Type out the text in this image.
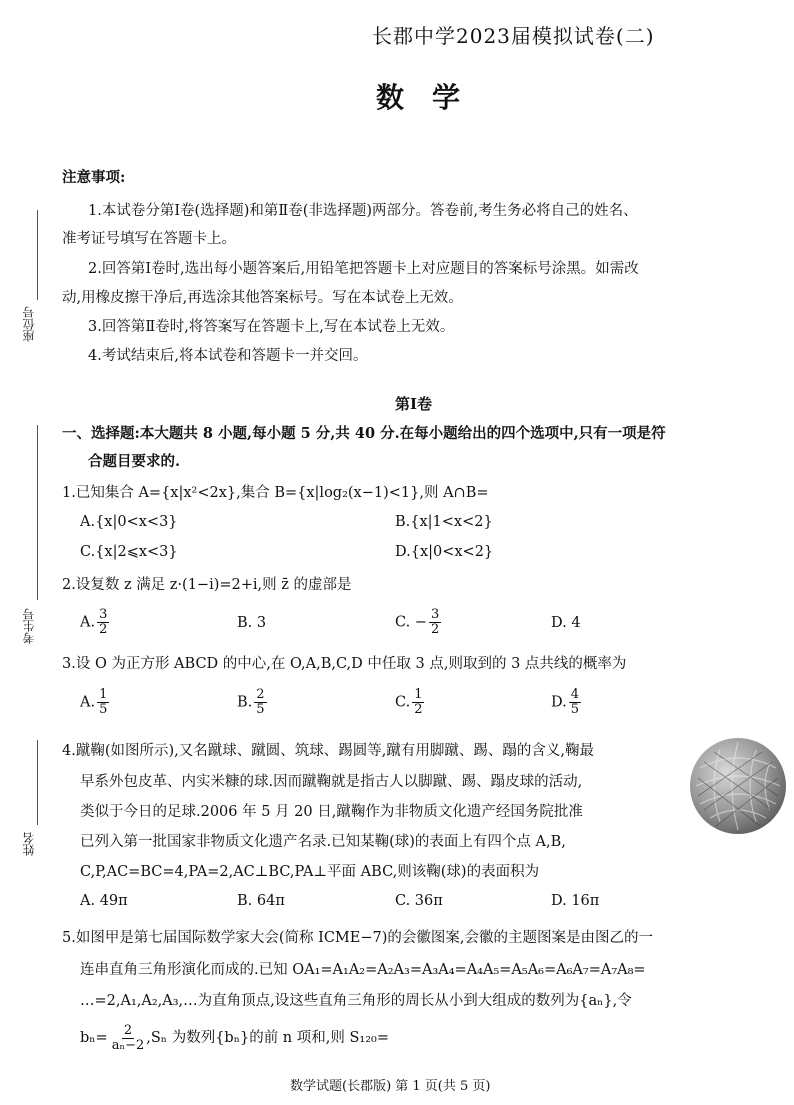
座位号
考生号
姓名
长郡中学2023届模拟试卷(二)
数学
注意事项:
1.本试卷分第Ⅰ卷(选择题)和第Ⅱ卷(非选择题)两部分。答卷前,考生务必将自己的姓名、
准考证号填写在答题卡上。
2.回答第Ⅰ卷时,选出每小题答案后,用铅笔把答题卡上对应题目的答案标号涂黑。如需改
动,用橡皮擦干净后,再选涂其他答案标号。写在本试卷上无效。
3.回答第Ⅱ卷时,将答案写在答题卡上,写在本试卷上无效。
4.考试结束后,将本试卷和答题卡一并交回。
第Ⅰ卷
一、选择题:本大题共 8 小题,每小题 5 分,共 40 分.在每小题给出的四个选项中,只有一项是符
合题目要求的.
1.已知集合 A={x|x²<2x},集合 B={x|log₂(x−1)<1},则 A∩B=
A.{x|0<x<3}	B.{x|1<x<2}
C.{x|2⩽x<3}	D.{x|0<x<2}
2.设复数 z 满足 z·(1−i)=2+i,则 z̄ 的虚部是
A. $\frac{3}{2}$	B. 3	C. − $\frac{3}{2}$	D. 4
3.设 O 为正方形 ABCD 的中心,在 O,A,B,C,D 中任取 3 点,则取到的 3 点共线的概率为
A. $\frac{1}{5}$	B. $\frac{2}{5}$	C. $\frac{1}{2}$	D. $\frac{4}{5}$
4.蹴鞠(如图所示),又名蹴球、蹴圆、筑球、踢圆等,蹴有用脚蹴、踢、蹋的含义,鞠最
早系外包皮革、内实米糠的球.因而蹴鞠就是指古人以脚蹴、踢、蹋皮球的活动,
类似于今日的足球.2006 年 5 月 20 日,蹴鞠作为非物质文化遗产经国务院批准
已列入第一批国家非物质文化遗产名录.已知某鞠(球)的表面上有四个点 A,B,
C,P,AC=BC=4,PA=2,AC⊥BC,PA⊥平面 ABC,则该鞠(球)的表面积为
A. 49π	B. 64π	C. 36π	D. 16π
5.如图甲是第七届国际数学家大会(简称 ICME−7)的会徽图案,会徽的主题图案是由图乙的一
连串直角三角形演化而成的.已知 OA₁=A₁A₂=A₂A₃=A₃A₄=A₄A₅=A₅A₆=A₆A₇=A₇A₈=
…=2,A₁,A₂,A₃,…为直角顶点,设这些直角三角形的周长从小到大组成的数列为{aₙ},令
$b_n= \frac{2}{\text{aₙ−2}} ,S_n$ 为数列{bₙ}的前 n 项和,则 S₁₂₀=
数学试题(长郡版) 第 1 页(共 5 页)
